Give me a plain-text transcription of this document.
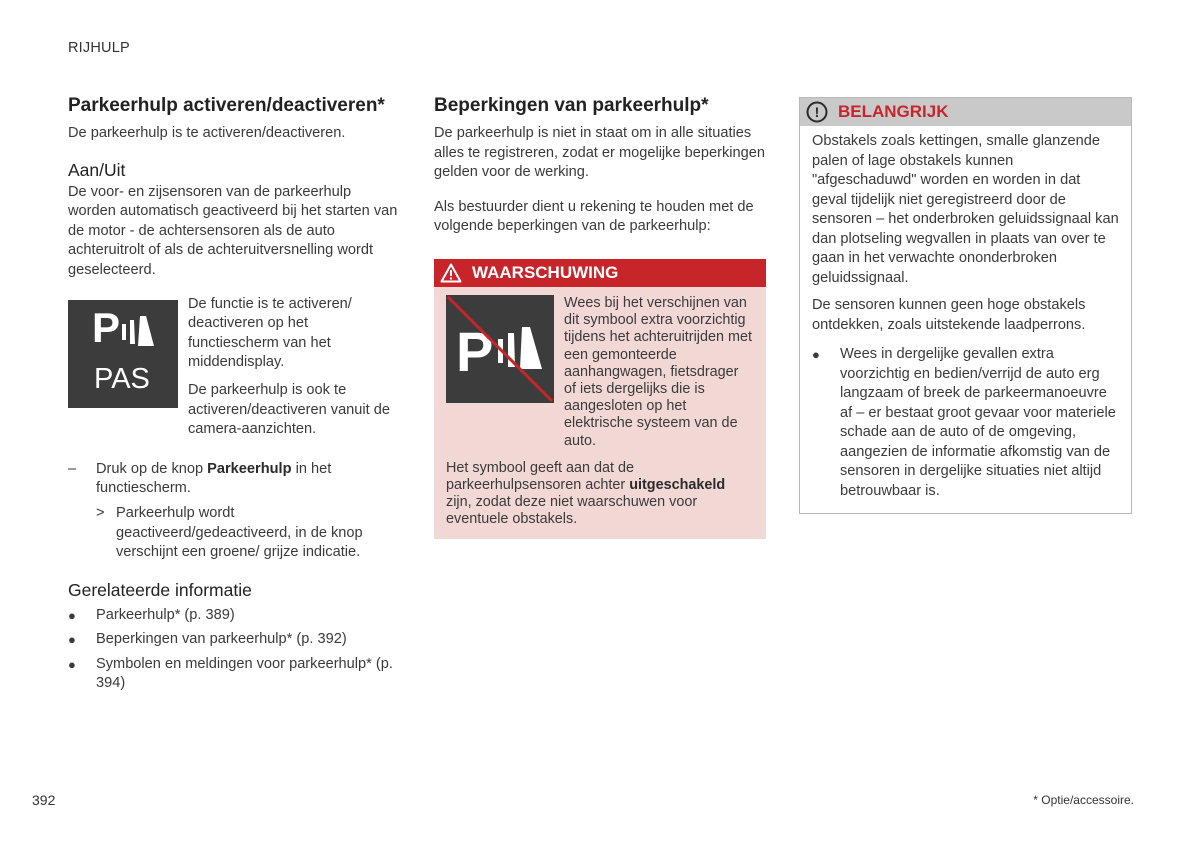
RIJHULP
Parkeerhulp activeren/deactiveren*

De parkeerhulp is te activeren/deactiveren.

Aan/Uit

De voor- en zijsensoren van de parkeerhulp worden automatisch geactiveerd bij het starten van de motor - de achtersensoren als de auto achteruitrolt of als de achteruitversnelling wordt geselecteerd.

P
PAS

De functie is te activeren/ deactiveren op het functiescherm van het middendisplay.

De parkeerhulp is ook te activeren/deactiveren vanuit de camera-aanzichten.

–	Druk op de knop Parkeerhulp in het functiescherm.

> Parkeerhulp wordt geactiveerd/gedeactiveerd, in de knop verschijnt een groene/ grijze indicatie.

Gerelateerde informatie
●	Parkeerhulp* (p. 389)

●	Beperkingen van parkeerhulp* (p. 392)

●	Symbolen en meldingen voor parkeerhulp* (p. 394)

Beperkingen van parkeerhulp*

De parkeerhulp is niet in staat om in alle situaties alles te registreren, zodat er mogelijke beperkingen gelden voor de werking.

Als bestuurder dient u rekening te houden met de volgende beperkingen van de parkeerhulp:

WAARSCHUWING
P

Wees bij het verschijnen van dit symbool extra voorzichtig tijdens het achteruitrijden met een gemonteerde aanhangwagen, fietsdrager of iets dergelijks die is aangesloten op het elektrische systeem van de auto.

Het symbool geeft aan dat de parkeerhulpsensoren achter uitgeschakeld zijn, zodat deze niet waarschuwen voor eventuele obstakels.

! BELANGRIJK

Obstakels zoals kettingen, smalle glanzende palen of lage obstakels kunnen "afgeschaduwd" worden en worden in dat geval tijdelijk niet geregistreerd door de sensoren – het onderbroken geluidssignaal kan dan plotseling wegvallen in plaats van over te gaan in het verwachte ononderbroken geluidssignaal.

De sensoren kunnen geen hoge obstakels ontdekken, zoals uitstekende laadperrons.

●	Wees in dergelijke gevallen extra voorzichtig en bedien/verrijd de auto erg langzaam of breek de parkeermanoeuvre af – er bestaat groot gevaar voor materiele schade aan de auto of de omgeving, aangezien de informatie afkomstig van de sensoren in dergelijke situaties niet altijd betrouwbaar is.

392	* Optie/accessoire.
